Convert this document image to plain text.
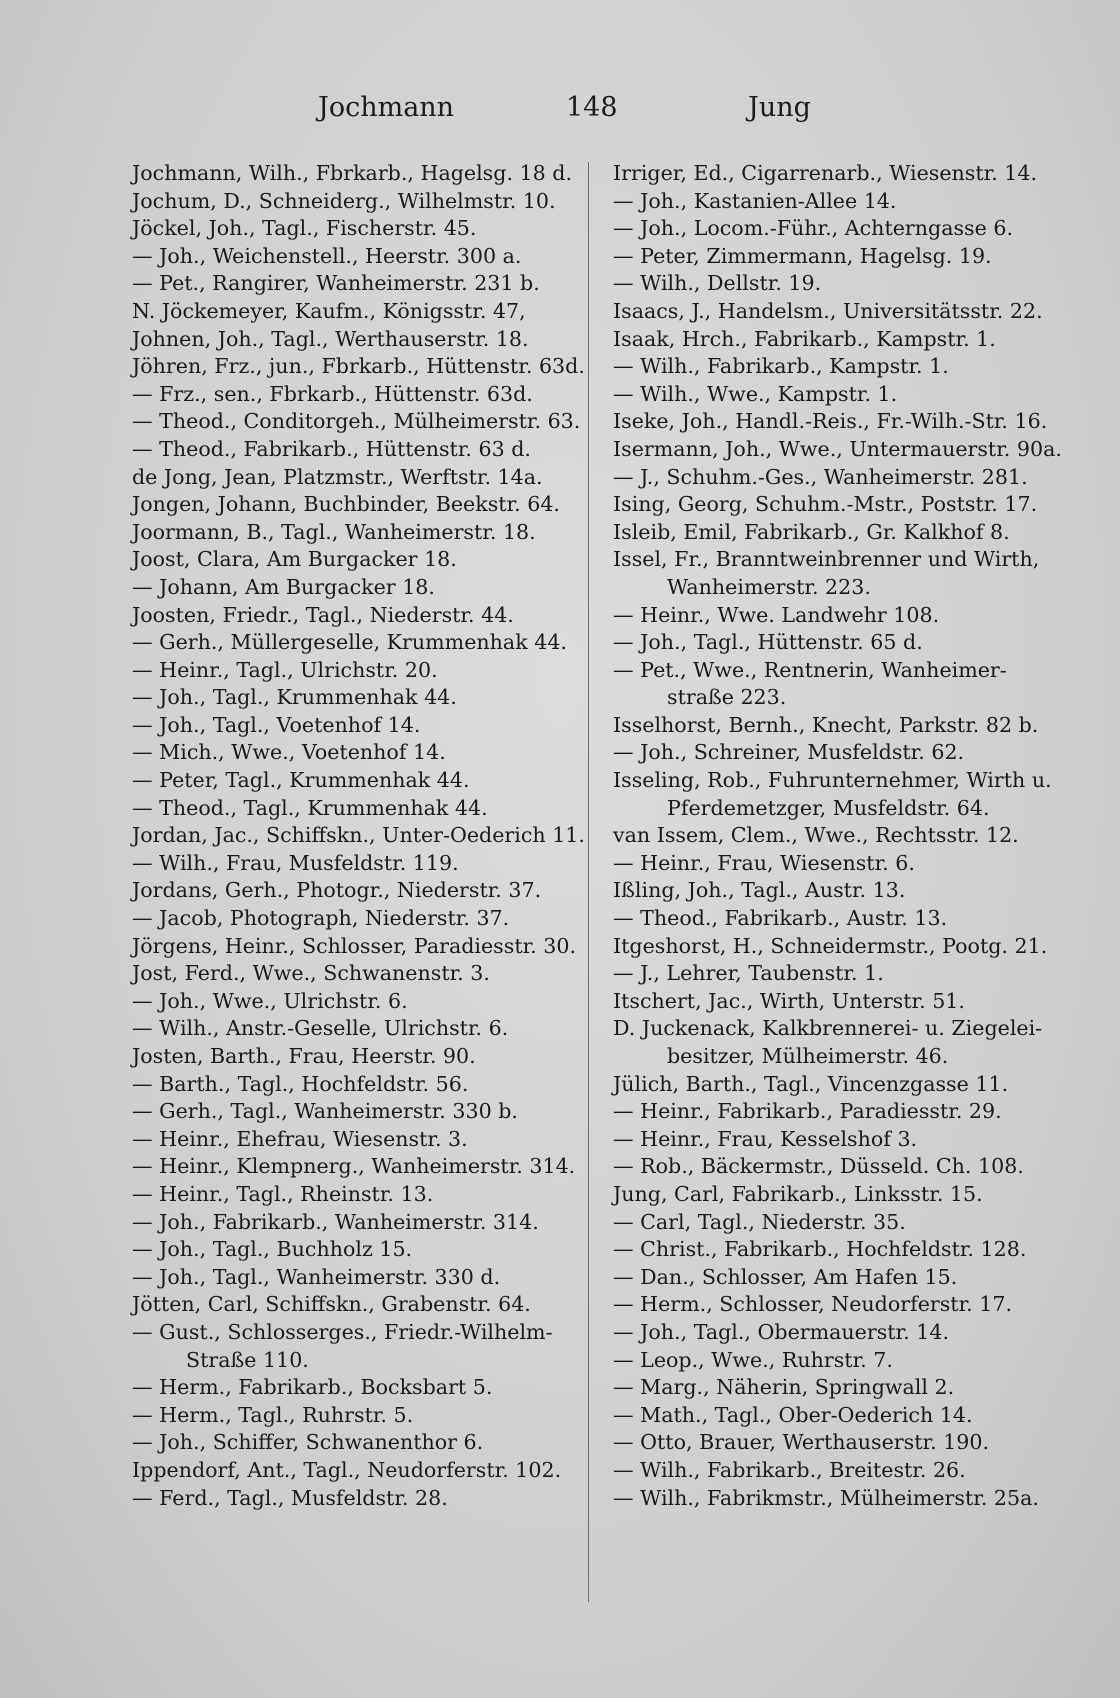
Jochmann	148	Jung
Jochmann, Wilh., Fbrkarb., Hagelsg. 18 d.
Jochum, D., Schneiderg., Wilhelmstr. 10.
Jöckel, Joh., Tagl., Fischerstr. 45.
— Joh., Weichenstell., Heerstr. 300 a.
— Pet., Rangirer, Wanheimerstr. 231 b.
N. Jöckemeyer, Kaufm., Königsstr. 47,
Johnen, Joh., Tagl., Werthauserstr. 18.
Jöhren, Frz., jun., Fbrkarb., Hüttenstr. 63d.
— Frz., sen., Fbrkarb., Hüttenstr. 63d.
— Theod., Conditorgeh., Mülheimerstr. 63.
— Theod., Fabrikarb., Hüttenstr. 63 d.
de Jong, Jean, Platzmstr., Werftstr. 14a.
Jongen, Johann, Buchbinder, Beekstr. 64.
Joormann, B., Tagl., Wanheimerstr. 18.
Joost, Clara, Am Burgacker 18.
— Johann, Am Burgacker 18.
Joosten, Friedr., Tagl., Niederstr. 44.
— Gerh., Müllergeselle, Krummenhak 44.
— Heinr., Tagl., Ulrichstr. 20.
— Joh., Tagl., Krummenhak 44.
— Joh., Tagl., Voetenhof 14.
— Mich., Wwe., Voetenhof 14.
— Peter, Tagl., Krummenhak 44.
— Theod., Tagl., Krummenhak 44.
Jordan, Jac., Schiffskn., Unter-Oederich 11.
— Wilh., Frau, Musfeldstr. 119.
Jordans, Gerh., Photogr., Niederstr. 37.
— Jacob, Photograph, Niederstr. 37.
Jörgens, Heinr., Schlosser, Paradiesstr. 30.
Jost, Ferd., Wwe., Schwanenstr. 3.
— Joh., Wwe., Ulrichstr. 6.
— Wilh., Anstr.-Geselle, Ulrichstr. 6.
Josten, Barth., Frau, Heerstr. 90.
— Barth., Tagl., Hochfeldstr. 56.
— Gerh., Tagl., Wanheimerstr. 330 b.
— Heinr., Ehefrau, Wiesenstr. 3.
— Heinr., Klempnerg., Wanheimerstr. 314.
— Heinr., Tagl., Rheinstr. 13.
— Joh., Fabrikarb., Wanheimerstr. 314.
— Joh., Tagl., Buchholz 15.
— Joh., Tagl., Wanheimerstr. 330 d.
Jötten, Carl, Schiffskn., Grabenstr. 64.
— Gust., Schlosserges., Friedr.-Wilhelm-
Straße 110.
— Herm., Fabrikarb., Bocksbart 5.
— Herm., Tagl., Ruhrstr. 5.
— Joh., Schiffer, Schwanenthor 6.
Ippendorf, Ant., Tagl., Neudorferstr. 102.
— Ferd., Tagl., Musfeldstr. 28.
Irriger, Ed., Cigarrenarb., Wiesenstr. 14.
— Joh., Kastanien-Allee 14.
— Joh., Locom.-Führ., Achterngasse 6.
— Peter, Zimmermann, Hagelsg. 19.
— Wilh., Dellstr. 19.
Isaacs, J., Handelsm., Universitätsstr. 22.
Isaak, Hrch., Fabrikarb., Kampstr. 1.
— Wilh., Fabrikarb., Kampstr. 1.
— Wilh., Wwe., Kampstr. 1.
Iseke, Joh., Handl.-Reis., Fr.-Wilh.-Str. 16.
Isermann, Joh., Wwe., Untermauerstr. 90a.
— J., Schuhm.-Ges., Wanheimerstr. 281.
Ising, Georg, Schuhm.-Mstr., Poststr. 17.
Isleib, Emil, Fabrikarb., Gr. Kalkhof 8.
Issel, Fr., Branntweinbrenner und Wirth,
Wanheimerstr. 223.
— Heinr., Wwe. Landwehr 108.
— Joh., Tagl., Hüttenstr. 65 d.
— Pet., Wwe., Rentnerin, Wanheimer-
straße 223.
Isselhorst, Bernh., Knecht, Parkstr. 82 b.
— Joh., Schreiner, Musfeldstr. 62.
Isseling, Rob., Fuhrunternehmer, Wirth u.
Pferdemetzger, Musfeldstr. 64.
van Issem, Clem., Wwe., Rechtsstr. 12.
— Heinr., Frau, Wiesenstr. 6.
Ißling, Joh., Tagl., Austr. 13.
— Theod., Fabrikarb., Austr. 13.
Itgeshorst, H., Schneidermstr., Pootg. 21.
— J., Lehrer, Taubenstr. 1.
Itschert, Jac., Wirth, Unterstr. 51.
D. Juckenack, Kalkbrennerei- u. Ziegelei-
besitzer, Mülheimerstr. 46.
Jülich, Barth., Tagl., Vincenzgasse 11.
— Heinr., Fabrikarb., Paradiesstr. 29.
— Heinr., Frau, Kesselshof 3.
— Rob., Bäckermstr., Düsseld. Ch. 108.
Jung, Carl, Fabrikarb., Linksstr. 15.
— Carl, Tagl., Niederstr. 35.
— Christ., Fabrikarb., Hochfeldstr. 128.
— Dan., Schlosser, Am Hafen 15.
— Herm., Schlosser, Neudorferstr. 17.
— Joh., Tagl., Obermauerstr. 14.
— Leop., Wwe., Ruhrstr. 7.
— Marg., Näherin, Springwall 2.
— Math., Tagl., Ober-Oederich 14.
— Otto, Brauer, Werthauserstr. 190.
— Wilh., Fabrikarb., Breitestr. 26.
— Wilh., Fabrikmstr., Mülheimerstr. 25a.
